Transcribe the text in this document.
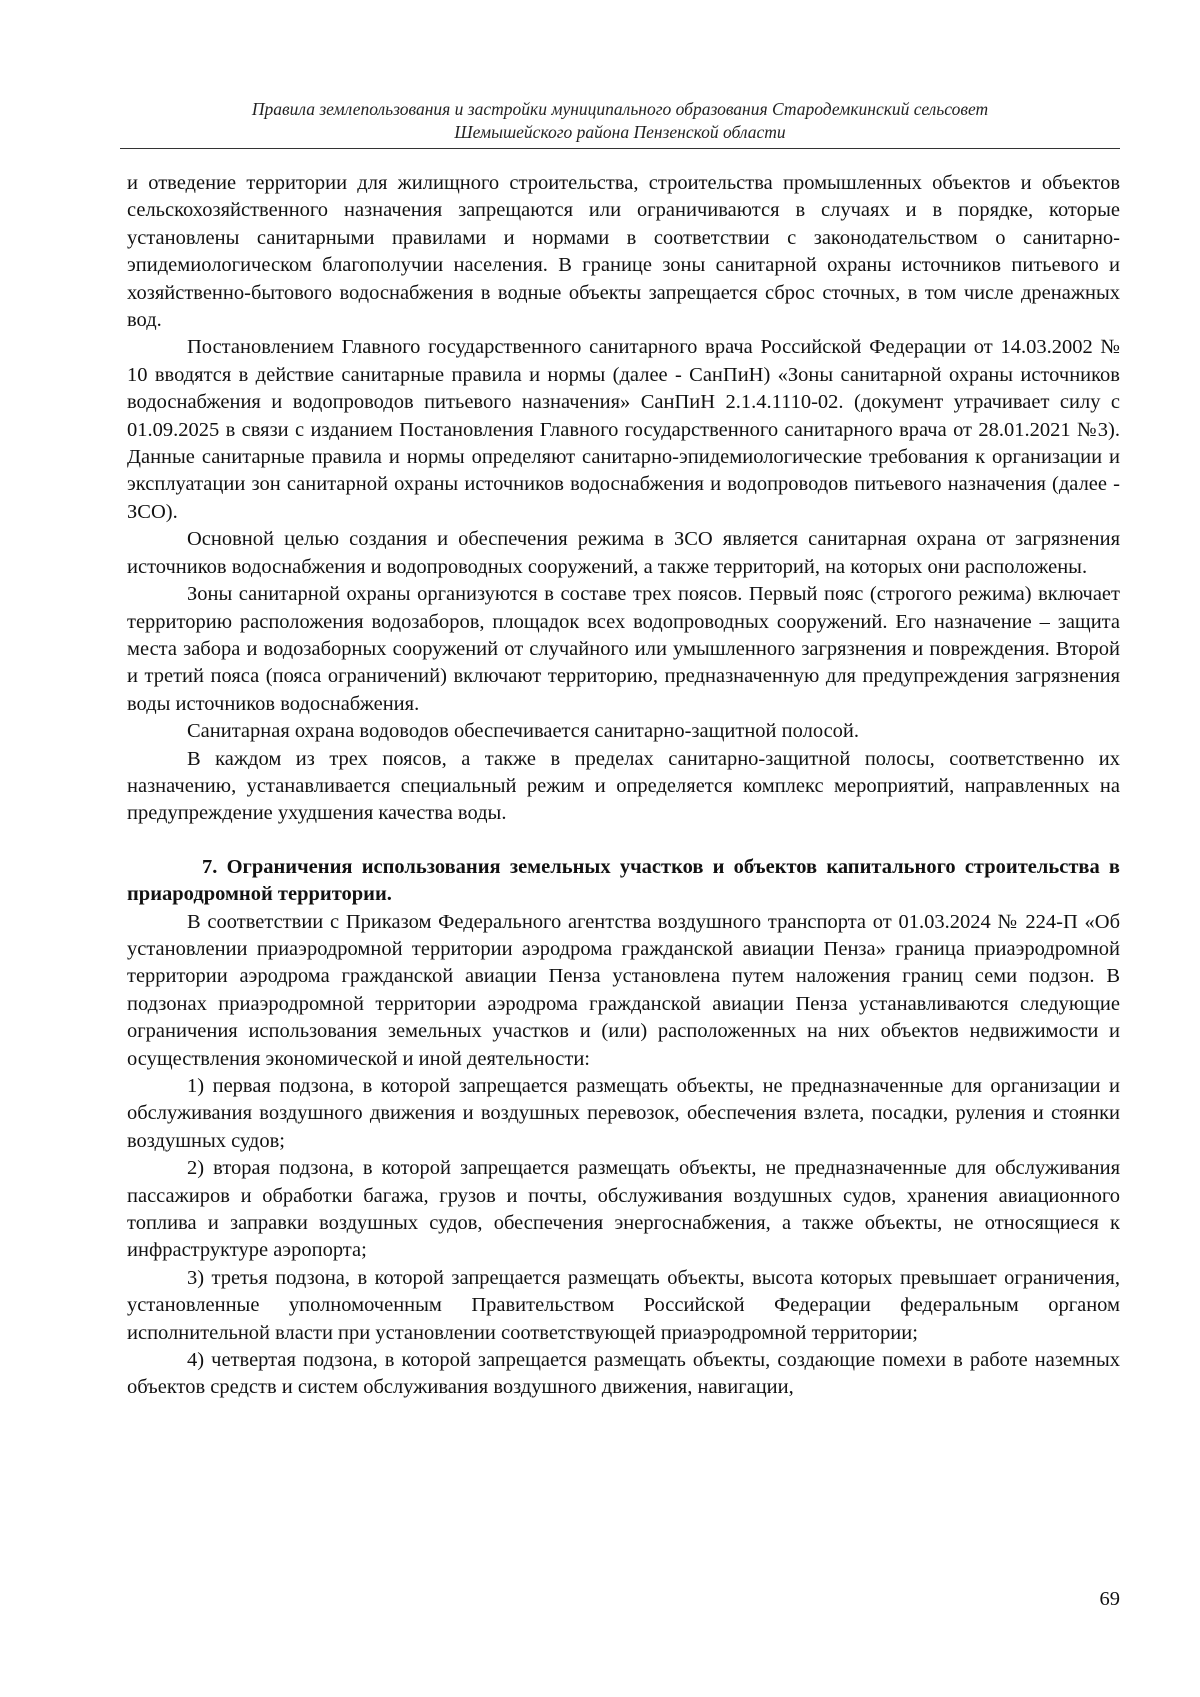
Правила землепользования и застройки муниципального образования Стародемкинский сельсовет
Шемышейского района Пензенской области

и отведение территории для жилищного строительства, строительства промышленных объектов и объектов сельскохозяйственного назначения запрещаются или ограничиваются в случаях и в порядке, которые установлены санитарными правилами и нормами в соответствии с законодательством о санитарно-эпидемиологическом благополучии населения. В границе зоны санитарной охраны источников питьевого и хозяйственно-бытового водоснабжения в водные объекты запрещается сброс сточных, в том числе дренажных вод.

Постановлением Главного государственного санитарного врача Российской Федерации от 14.03.2002 № 10 вводятся в действие санитарные правила и нормы (далее - СанПиН) «Зоны санитарной охраны источников водоснабжения и водопроводов питьевого назначения» СанПиН 2.1.4.1110-02. (документ утрачивает силу с 01.09.2025 в связи с изданием Постановления Главного государственного санитарного врача от 28.01.2021 №3). Данные санитарные правила и нормы определяют санитарно-эпидемиологические требования к организации и эксплуатации зон санитарной охраны источников водоснабжения и водопроводов питьевого назначения (далее - ЗСО).

Основной целью создания и обеспечения режима в ЗСО является санитарная охрана от загрязнения источников водоснабжения и водопроводных сооружений, а также территорий, на которых они расположены.

Зоны санитарной охраны организуются в составе трех поясов. Первый пояс (строгого режима) включает территорию расположения водозаборов, площадок всех водопроводных сооружений. Его назначение – защита места забора и водозаборных сооружений от случайного или умышленного загрязнения и повреждения. Второй и третий пояса (пояса ограничений) включают территорию, предназначенную для предупреждения загрязнения воды источников водоснабжения.

Санитарная охрана водоводов обеспечивается санитарно-защитной полосой.

В каждом из трех поясов, а также в пределах санитарно-защитной полосы, соответственно их назначению, устанавливается специальный режим и определяется комплекс мероприятий, направленных на предупреждение ухудшения качества воды.

7. Ограничения использования земельных участков и объектов капитального строительства в приародромной территории.

В соответствии с Приказом Федерального агентства воздушного транспорта от 01.03.2024 № 224-П «Об установлении приаэродромной территории аэродрома гражданской авиации Пенза» граница приаэродромной территории аэродрома гражданской авиации Пенза установлена путем наложения границ семи подзон. В подзонах приаэродромной территории аэродрома гражданской авиации Пенза устанавливаются следующие ограничения использования земельных участков и (или) расположенных на них объектов недвижимости и осуществления экономической и иной деятельности:

1) первая подзона, в которой запрещается размещать объекты, не предназначенные для организации и обслуживания воздушного движения и воздушных перевозок, обеспечения взлета, посадки, руления и стоянки воздушных судов;

2) вторая подзона, в которой запрещается размещать объекты, не предназначенные для обслуживания пассажиров и обработки багажа, грузов и почты, обслуживания воздушных судов, хранения авиационного топлива и заправки воздушных судов, обеспечения энергоснабжения, а также объекты, не относящиеся к инфраструктуре аэропорта;

3) третья подзона, в которой запрещается размещать объекты, высота которых превышает ограничения, установленные уполномоченным Правительством Российской Федерации федеральным органом исполнительной власти при установлении соответствующей приаэродромной территории;

4) четвертая подзона, в которой запрещается размещать объекты, создающие помехи в работе наземных объектов средств и систем обслуживания воздушного движения, навигации,

69
